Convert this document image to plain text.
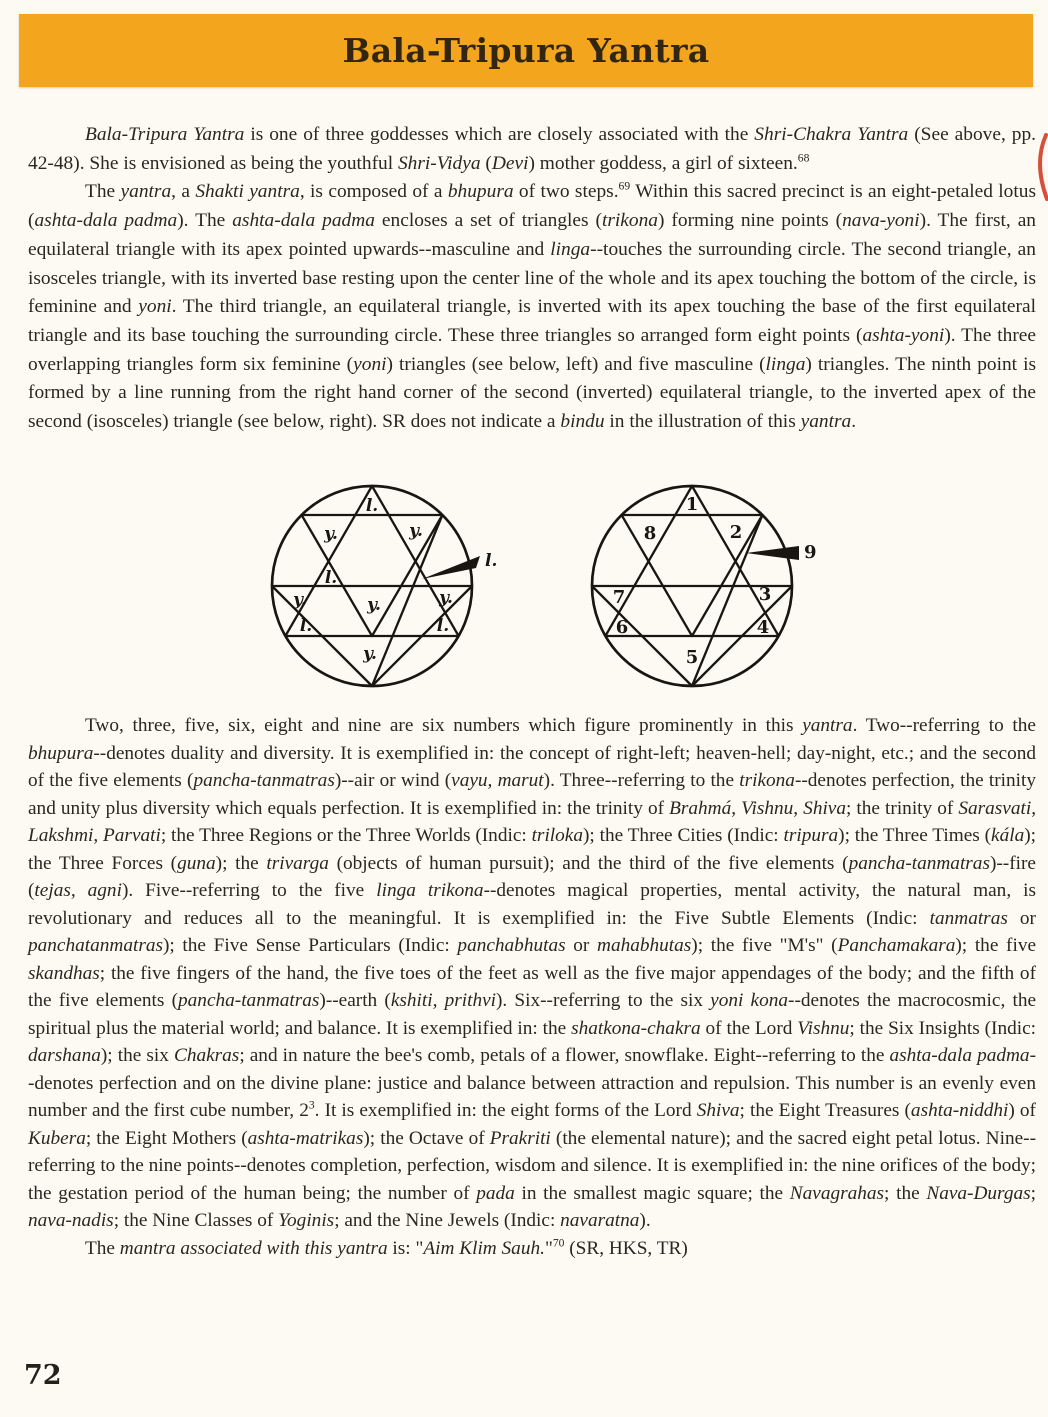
Bala-Tripura Yantra

Bala-Tripura Yantra is one of three goddesses which are closely associated with the Shri-Chakra Yantra (See above, pp. 42-48). She is envisioned as being the youthful Shri-Vidya (Devi) mother goddess, a girl of sixteen.$^{68}$

The yantra, a Shakti yantra, is composed of a bhupura of two steps.$^{69}$ Within this sacred precinct is an eight-petaled lotus (ashta-dala padma). The ashta-dala padma encloses a set of triangles (trikona) forming nine points (nava-yoni). The first, an equilateral triangle with its apex pointed upwards--masculine and linga--touches the surrounding circle. The second triangle, an isosceles triangle, with its inverted base resting upon the center line of the whole and its apex touching the bottom of the circle, is feminine and yoni. The third triangle, an equilateral triangle, is inverted with its apex touching the base of the first equilateral triangle and its base touching the surrounding circle. These three triangles so arranged form eight points (ashta-yoni). The three overlapping triangles form six feminine (yoni) triangles (see below, left) and five masculine (linga) triangles. The ninth point is formed by a line running from the right hand corner of the second (inverted) equilateral triangle, to the inverted apex of the second (isosceles) triangle (see below, right). SR does not indicate a bindu in the illustration of this yantra.

l.
y.	y.
l.
y.	y.	y.
l.	l.
y.
l.
1
8	2
7	3
6	4
5
9

Two, three, five, six, eight and nine are six numbers which figure prominently in this yantra. Two--referring to the bhupura--denotes duality and diversity. It is exemplified in: the concept of right-left; heaven-hell; day-night, etc.; and the second of the five elements (pancha-tanmatras)--air or wind (vayu, marut). Three--referring to the trikona--denotes perfection, the trinity and unity plus diversity which equals perfection. It is exemplified in: the trinity of Brahmá, Vishnu, Shiva; the trinity of Sarasvati, Lakshmi, Parvati; the Three Regions or the Three Worlds (Indic: triloka); the Three Cities (Indic: tripura); the Three Times (kála); the Three Forces (guna); the trivarga (objects of human pursuit); and the third of the five elements (pancha-tanmatras)--fire (tejas, agni). Five--referring to the five linga trikona--denotes magical properties, mental activity, the natural man, is revolutionary and reduces all to the meaningful. It is exemplified in: the Five Subtle Elements (Indic: tanmatras or panchatanmatras); the Five Sense Particulars (Indic: panchabhutas or mahabhutas); the five "M's" (Panchamakara); the five skandhas; the five fingers of the hand, the five toes of the feet as well as the five major appendages of the body; and the fifth of the five elements (pancha-tanmatras)--earth (kshiti, prithvi). Six--referring to the six yoni kona--denotes the macrocosmic, the spiritual plus the material world; and balance. It is exemplified in: the shatkona-chakra of the Lord Vishnu; the Six Insights (Indic: darshana); the six Chakras; and in nature the bee's comb, petals of a flower, snowflake. Eight--referring to the ashta-dala padma--denotes perfection and on the divine plane: justice and balance between attraction and repulsion. This number is an evenly even number and the first cube number, $2^3$. It is exemplified in: the eight forms of the Lord Shiva; the Eight Treasures (ashta-niddhi) of Kubera; the Eight Mothers (ashta-matrikas); the Octave of Prakriti (the elemental nature); and the sacred eight petal lotus. Nine--referring to the nine points--denotes completion, perfection, wisdom and silence. It is exemplified in: the nine orifices of the body; the gestation period of the human being; the number of pada in the smallest magic square; the Navagrahas; the Nava-Durgas; nava-nadis; the Nine Classes of Yoginis; and the Nine Jewels (Indic: navaratna).

The mantra associated with this yantra is: "Aim Klim Sauh."$^{70}$ (SR, HKS, TR)

72
